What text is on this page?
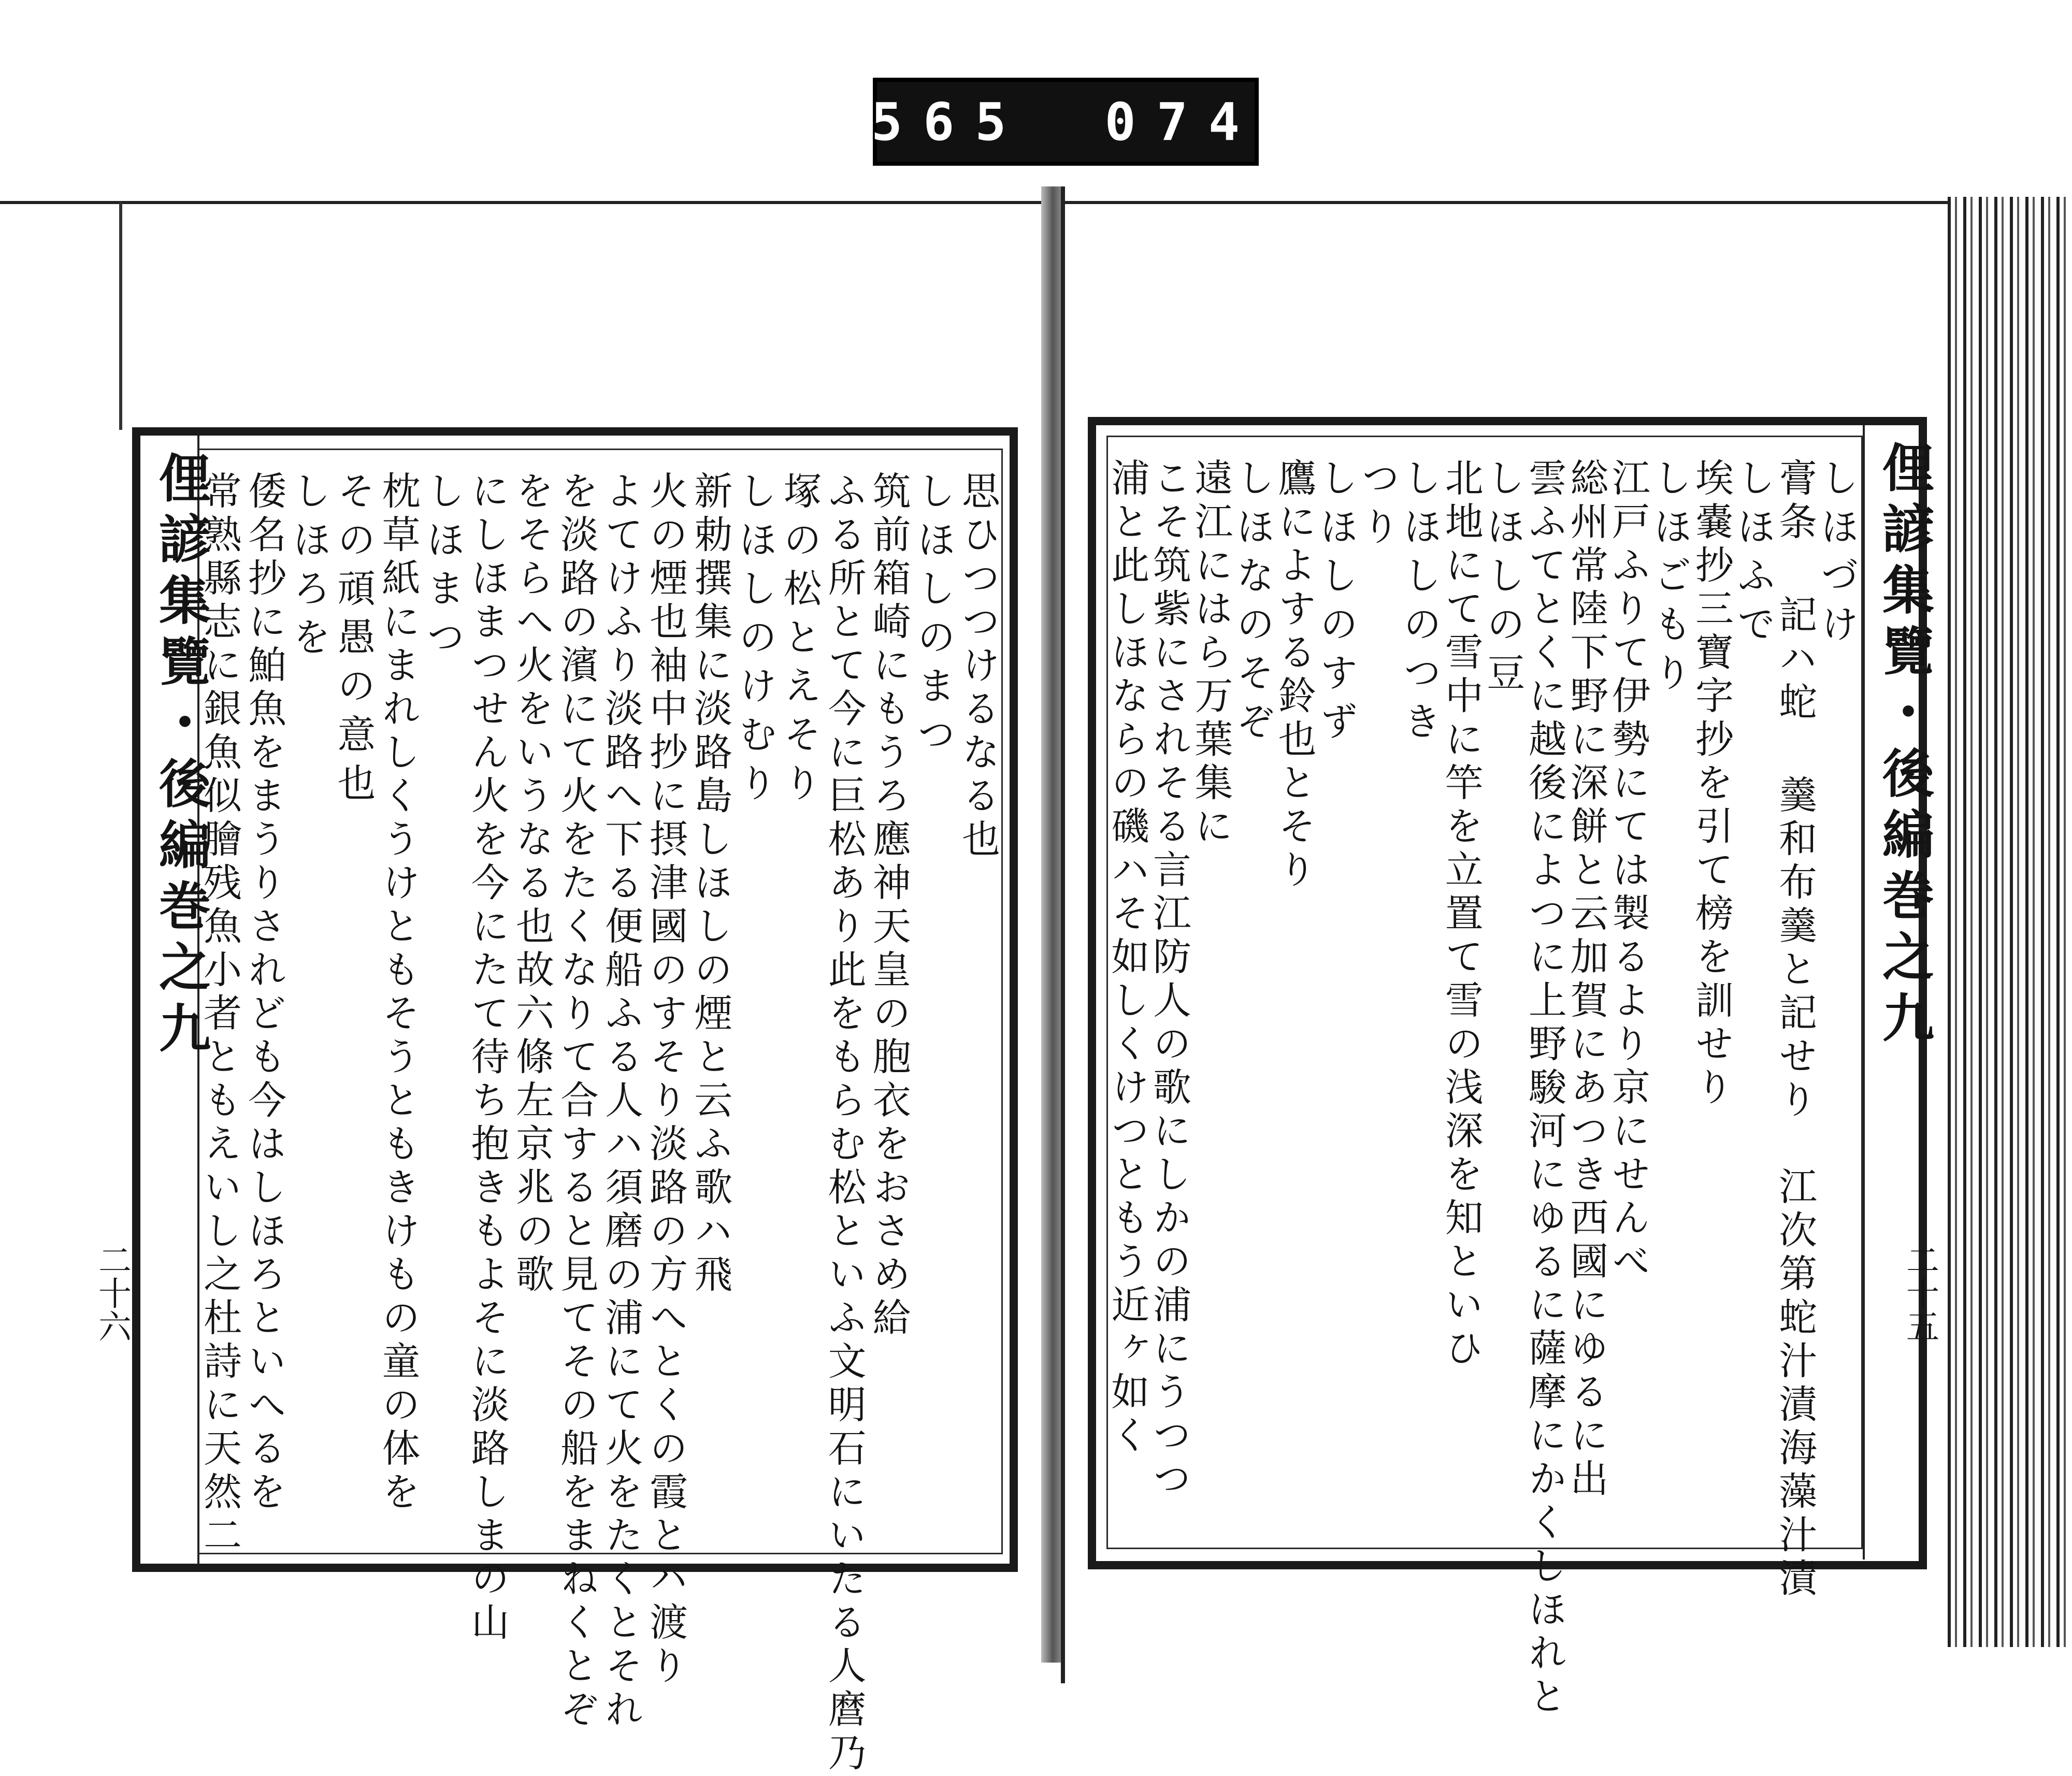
565 074
思ひつつけるなる也
しほしのまつ
筑前箱崎にもうろ應神天皇の胞衣をおさめ給
ふる所とて今に巨松あり此をもらむ松といふ文明石にいたる人麿乃
塚の松とえそり
しほしのけむり
新勅撰集に淡路島しほしの煙と云ふ歌ハ飛
火の煙也袖中抄に摂津國のすそり淡路の方へとくの霞とハ渡り
よてけふり淡路へ下る便船ふる人ハ須磨の浦にて火をたくとそれ
を淡路の濱にて火をたくなりて合すると見てその船をまねくとぞ
をそらへ火をいうなる也故六條左京兆の歌
にしほまつせん火を今にたて待ち抱きもよそに淡路しまの山
しほまつ
枕草紙にまれしくうけともそうともきけもの童の体を
その頑愚の意也
しほろを
倭名抄に鮊魚をまうりされども今はしほろといへるを
常熟縣志に銀魚似膾残魚小者ともえいし之杜詩に天然二
俚諺集覽・後編巻之九
二十六
しほづけ
膏条 記ハ蛇 羹和布羹と記せり　江次第蛇汁漬海藻汁漬
しほふで
埃嚢抄三寶字抄を引て榜を訓せり
しほごもり
江戸ふりて伊勢にては製るより京にせんべ
総州常陸下野に深餅と云加賀にあつき西國にゆるに出
雲ふてとくに越後によつに上野駿河にゆるに薩摩にかくしほれと
しほしの豆
北地にて雪中に竿を立置て雪の浅深を知といひ
しほしのつき
つり
しほしのすず
鷹によする鈴也とそり
しほなのそぞ
遠江にはら万葉集に
こそ筑紫にされそる言江防人の歌にしかの浦にうつつ
浦と此しほならの磯ハそ如しくけつともう近ヶ如く	俚諺集覽・後編巻之九
二十五
